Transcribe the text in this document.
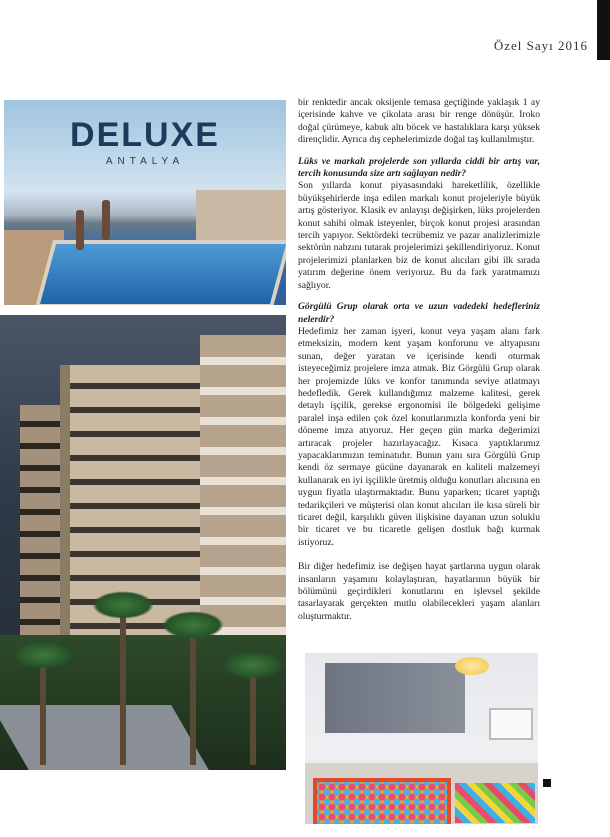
Özel Sayı 2016
DELUXE
ANTALYA

bir renktedir ancak oksijenle temasa geçtiğinde yaklaşık 1 ay içerisinde kahve ve çikolata arası bir renge dönüşür. Iroko doğal çürümeye, kabuk altı böcek ve hastalıklara karşı yüksek dirençlidir. Ayrıca dış cephelerimizde doğal taş kullanılmıştır.

Lüks ve markalı projelerde son yıllarda ciddi bir artış var, tercih konusunda size artı sağlayan nedir?

Son yıllarda konut piyasasındaki hareketlilik, özellikle büyükşehirlerde inşa edilen markalı konut projeleriyle büyük artış gösteriyor. Klasik ev anlayışı değişirken, lüks projelerden konut sahibi olmak isteyenler, birçok konut projesi arasından tercih yapıyor. Sektördeki tecrübemiz ve pazar analizlerimizle sektörün nabzını tutarak projelerimizi şekillendiriyoruz. Konut projelerimizi planlarken biz de konut alıcıları gibi ilk sırada yatırım değerine önem veriyoruz. Bu da fark yaratmamızı sağlıyor.

Görgülü Grup olarak orta ve uzun vadedeki hedefleriniz nelerdir?

Hedefimiz her zaman işyeri, konut veya yaşam alanı fark etmeksizin, modern kent yaşam konforunu ve altyapısını sunan, değer yaratan ve içerisinde kendi oturmak isteyeceğimiz projelere imza atmak. Biz Görgülü Grup olarak her projemizde lüks ve konfor tanımında seviye atlatmayı hedefledik. Gerek kullandığımız malzeme kalitesi, gerek detaylı işçilik, gerekse ergonomisi ile bölgedeki gelişime paralel inşa edilen çok özel konutlarımızla konforda yeni bir döneme imza atıyoruz. Her geçen gün marka değerimizi artıracak projeler hazırlayacağız. Kısaca yaptıklarımız yapacaklarımızın teminatıdır. Bunun yanı sıra Görgülü Grup kendi öz sermaye gücüne dayanarak en kaliteli malzemeyi kullanarak en iyi işçilikle üretmiş olduğu konutları alıcısına en uygun fiyatla ulaştırmaktadır. Bunu yaparken; ticaret yaptığı tedarikçileri ve müşterisi olan konut alıcıları ile kısa süreli bir ticaret değil, karşılıklı güven ilişkisine dayanan uzun soluklu bir ticaret ve bu ticaretle gelişen dostluk bağı kurmak istiyoruz.

Bir diğer hedefimiz ise değişen hayat şartlarına uygun olarak insanların yaşamını kolaylaştıran, hayatlarının büyük bir bölümünü geçirdikleri konutlarını en işlevsel şekilde tasarlayarak gerçekten mutlu olabilecekleri yaşam alanları oluşturmaktır.
